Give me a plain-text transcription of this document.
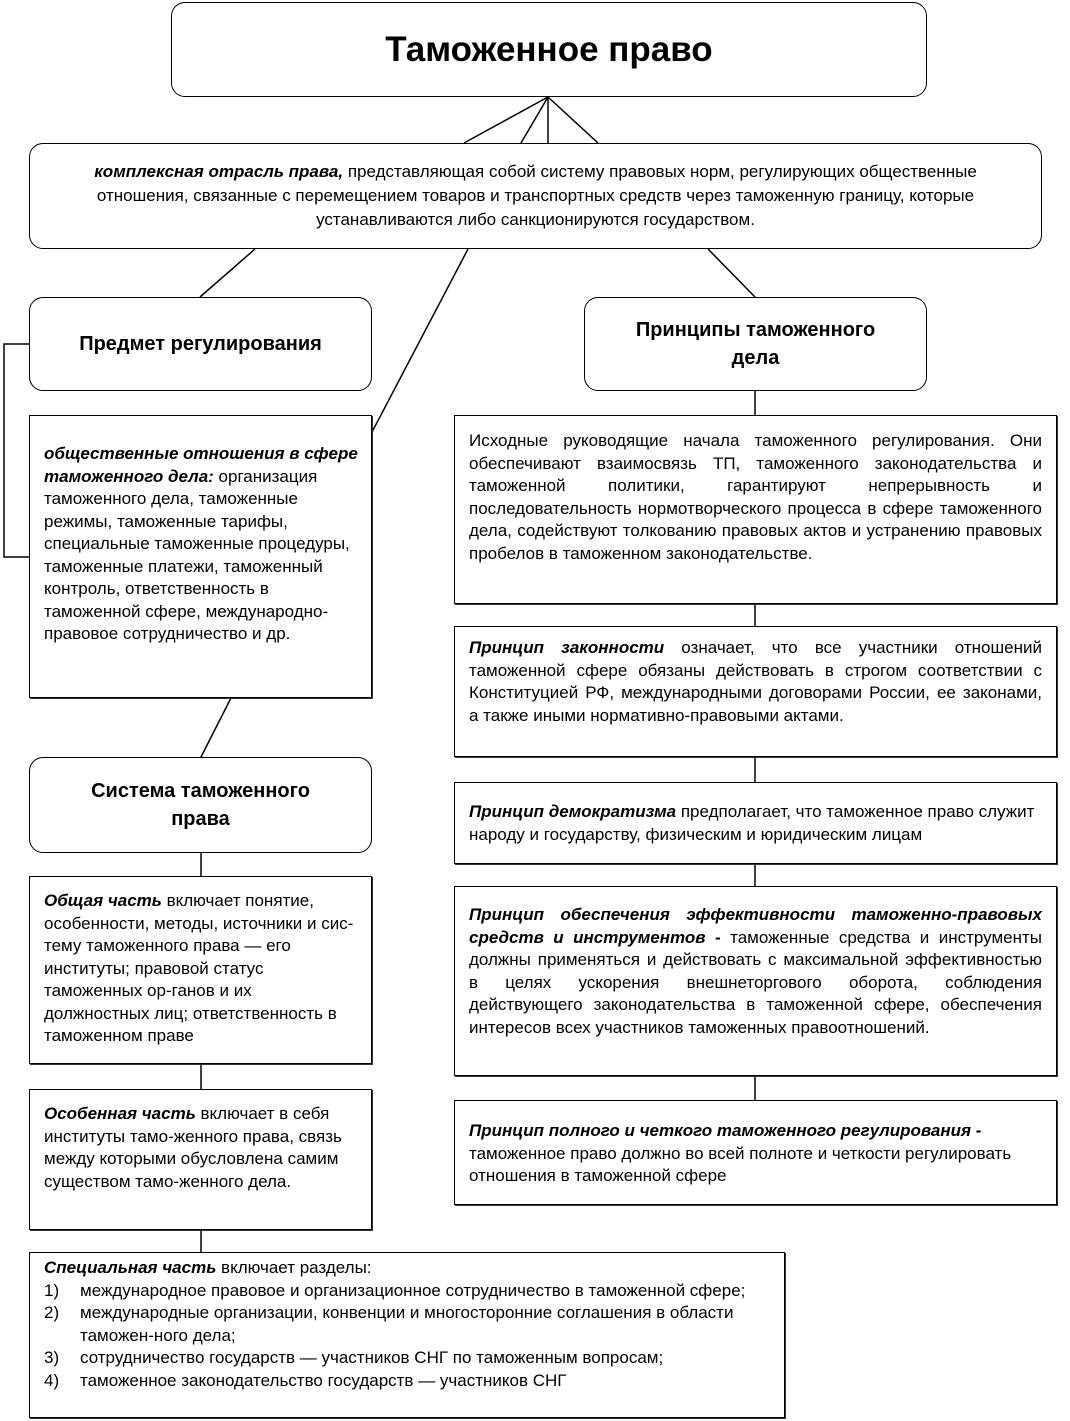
Таможенное право
комплексная отрасль права, представляющая собой систему правовых норм, регулирующих общественные отношения, связанные с перемещением товаров и транспортных средств через таможенную границу, которые устанавливаются либо санкционируются государством.
Предмет регулирования
общественные отношения в сфере таможенного дела: организация таможенного дела, таможенные режимы, таможенные тарифы, специальные таможенные процедуры, таможенные платежи, таможенный контроль, ответственность в таможенной сфере, международно-правовое сотрудничество и др.
Система таможенного права
Общая часть включает понятие, особенности, методы, источники и сис-тему таможенного права — его институты; правовой статус таможенных ор-ганов и их должностных лиц; ответственность в таможенном праве
Особенная часть включает в себя институты тамо-женного права, связь между которыми обусловлена самим существом тамо-женного дела.
Специальная часть включает разделы:
1)	международное правовое и организационное сотрудничество в таможенной сфере;
2)	международные организации, конвенции и многосторонние соглашения в области таможен-ного дела;
3)	сотрудничество государств — участников СНГ по таможенным вопросам;
4)	таможенное законодательство государств — участников СНГ
Принципы таможенного дела
Исходные руководящие начала таможенного регулирования. Они обеспечивают взаимосвязь ТП, таможенного законодательства и таможенной политики, гарантируют непрерывность и последовательность нормотворческого процесса в сфере таможенного дела, содействуют толкованию правовых актов и устранению правовых пробелов в таможенном законодательстве.
Принцип законности означает, что все участники отношений таможенной сфере обязаны действовать в строгом соответствии с Конституцией РФ, международными договорами России, ее законами, а также иными нормативно-правовыми актами.
Принцип демократизма предполагает, что таможенное право служит народу и государству, физическим и юридическим лицам
Принцип обеспечения эффективности таможенно-правовых средств и инструментов - таможенные средства и инструменты должны применяться и действовать с максимальной эффективностью в целях ускорения внешнеторгового оборота, соблюдения действующего законодательства в таможенной сфере, обеспечения интересов всех участников таможенных правоотношений.
Принцип полного и четкого таможенного регулирования - таможенное право должно во всей полноте и четкости регулировать отношения в таможенной сфере
